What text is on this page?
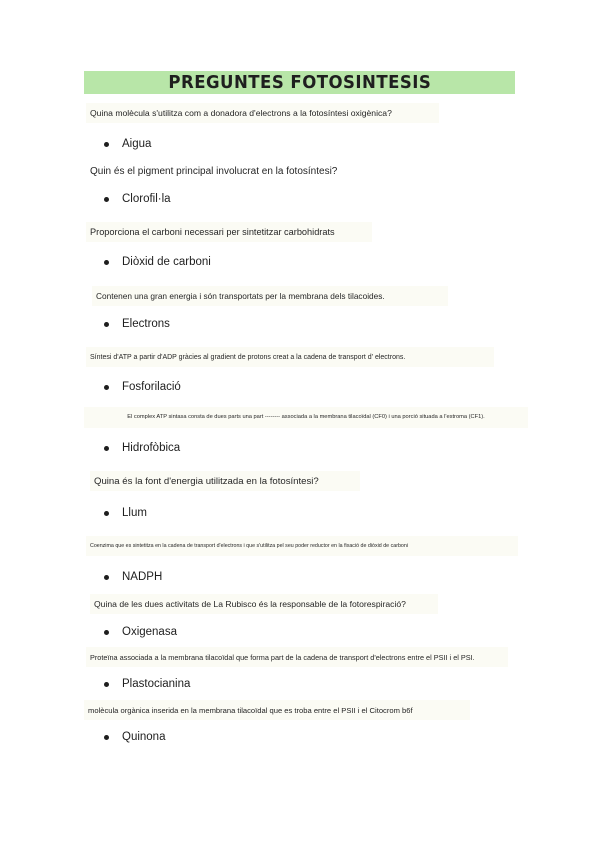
PREGUNTES FOTOSINTESIS
Quina molècula s'utilitza com a donadora d'electrons a la fotosíntesi oxigènica?
Aigua
Quin és el pigment principal involucrat en la fotosíntesi?
Clorofil·la
Proporciona el carboni necessari per sintetitzar carbohidrats
Diòxid de carboni
Contenen una gran energia i són transportats per la membrana dels tilacoides.
Electrons
Síntesi d'ATP a partir d'ADP gràcies al gradient de protons creat a la cadena de transport d' electrons.
Fosforilació
El complex ATP sintasa consta de dues parts una part -------- associada a la membrana tilacoïdal (CF0) i una porció situada a l'estroma (CF1).
Hidrofòbica
Quina és la font d'energia utilitzada en la fotosíntesi?
Llum
Coenzima que es sintetitza en la cadena de transport d'electrons i que s'utilitza pel seu poder reductor en la fixació de diòxid de carboni
NADPH
Quina de les dues activitats de La Rubisco és la responsable de la fotorespiració?
Oxigenasa
Proteïna associada a la membrana tilacoïdal que forma part de la cadena de transport d'electrons entre el PSII i el PSI.
Plastocianina
molècula orgànica inserida en la membrana tilacoïdal que es troba entre el PSII i el Citocrom b6f
Quinona
